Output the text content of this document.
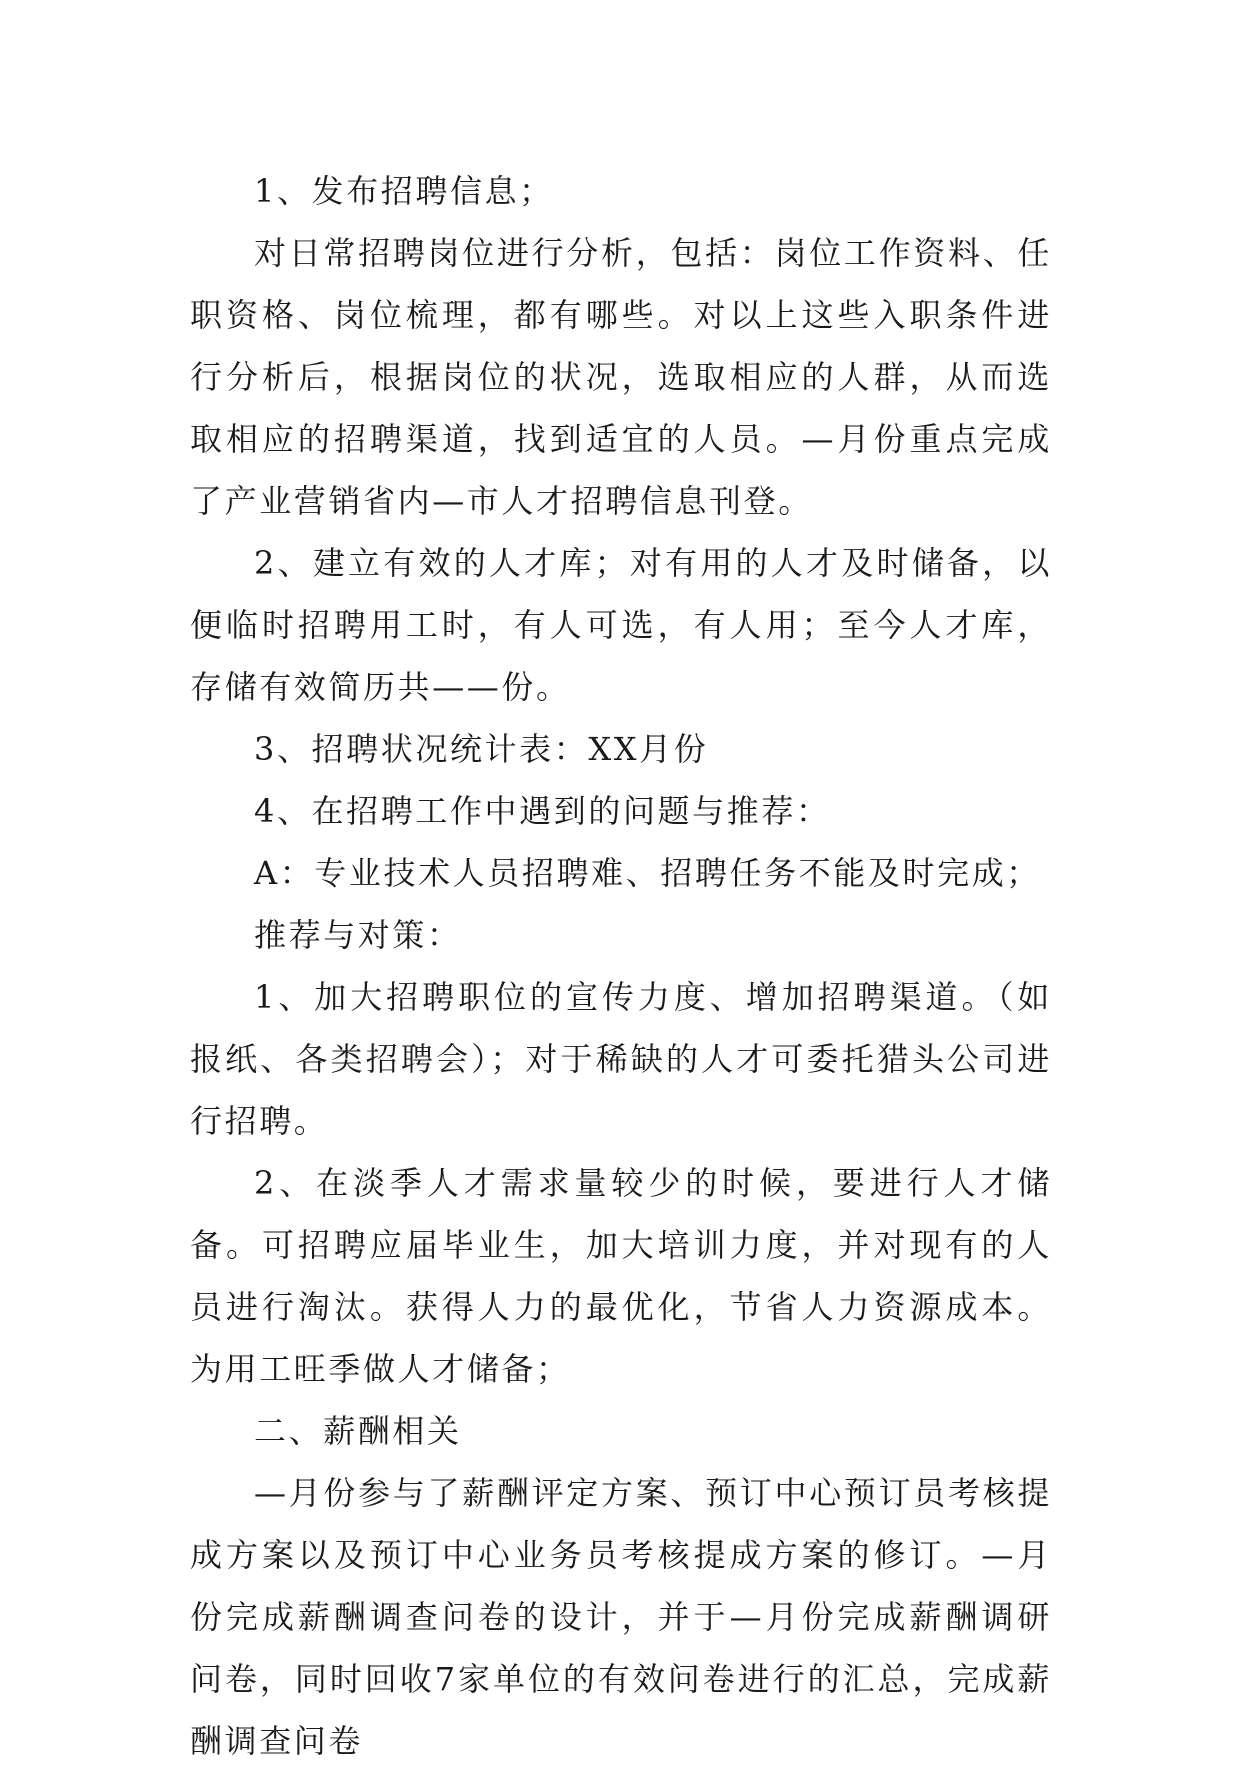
1、发布招聘信息；

对日常招聘岗位进行分析，包括：岗位工作资料、任职资格、岗位梳理，都有哪些。对以上这些入职条件进行分析后，根据岗位的状况，选取相应的人群，从而选取相应的招聘渠道，找到适宜的人员。—月份重点完成了产业营销省内—市人才招聘信息刊登。

2、建立有效的人才库；对有用的人才及时储备，以便临时招聘用工时，有人可选，有人用；至今人才库，存储有效简历共——份。

3、招聘状况统计表：XX月份

4、在招聘工作中遇到的问题与推荐：

A：专业技术人员招聘难、招聘任务不能及时完成；

推荐与对策：

1、加大招聘职位的宣传力度、增加招聘渠道。（如报纸、各类招聘会）；对于稀缺的人才可委托猎头公司进行招聘。

2、在淡季人才需求量较少的时候，要进行人才储备。可招聘应届毕业生，加大培训力度，并对现有的人员进行淘汰。获得人力的最优化，节省人力资源成本。为用工旺季做人才储备；

二、薪酬相关

—月份参与了薪酬评定方案、预订中心预订员考核提成方案以及预订中心业务员考核提成方案的修订。—月份完成薪酬调查问卷的设计，并于—月份完成薪酬调研问卷，同时回收7家单位的有效问卷进行的汇总，完成薪酬调查问卷
